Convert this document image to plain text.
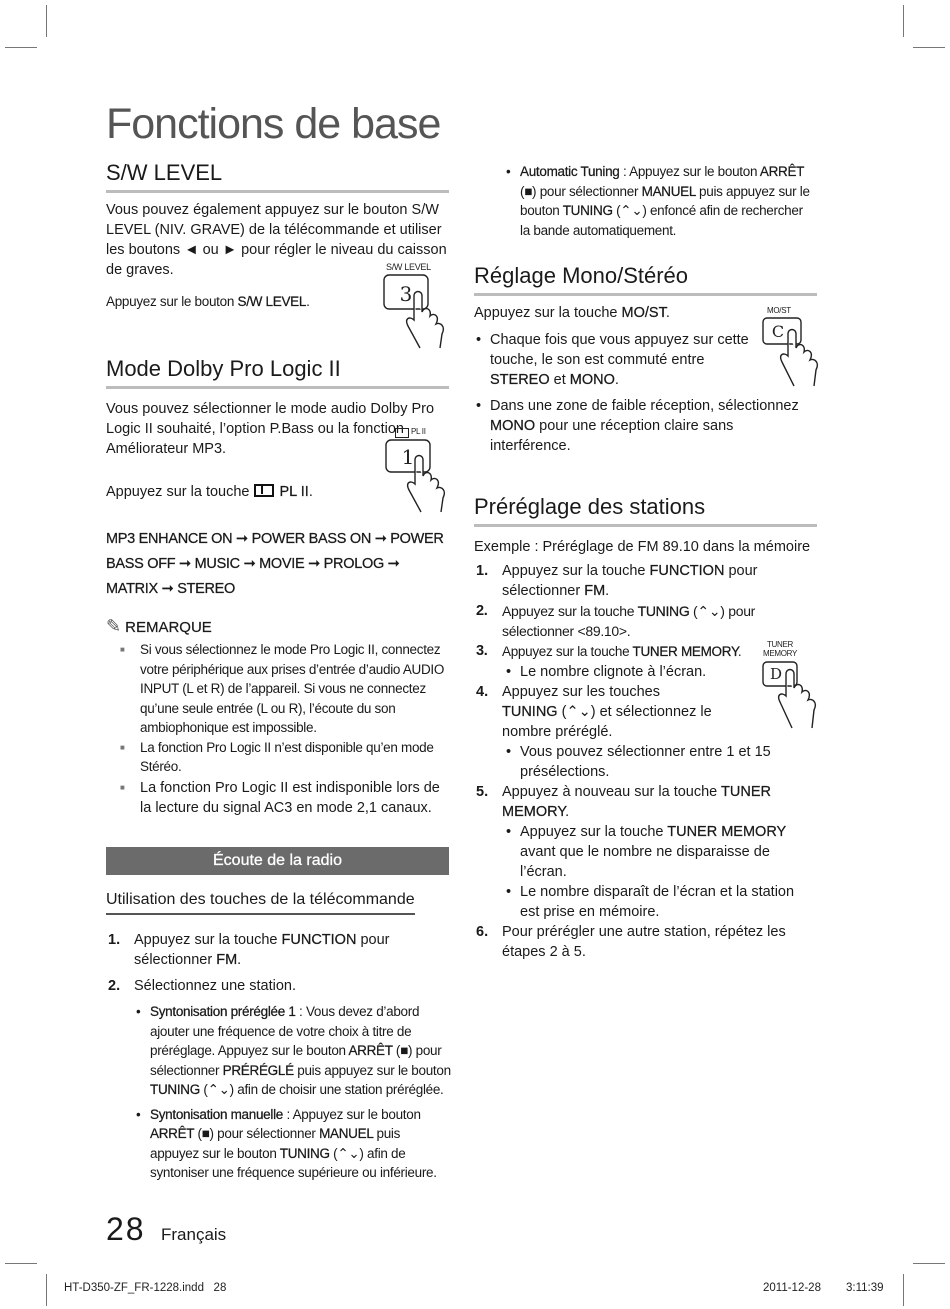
Fonctions de base
S/W LEVEL
Vous pouvez également appuyez sur le bouton S/W LEVEL (NIV. GRAVE) de la télécommande et utiliser les boutons ◄ ou ► pour régler le niveau du caisson de graves.
Appuyez sur le bouton S/W LEVEL.
S/W LEVEL
3
Mode Dolby Pro Logic II
Vous pouvez sélectionner le mode audio Dolby Pro Logic II souhaité, l’option P.Bass ou la fonction Améliorateur MP3.
PL II
1
Appuyez sur la touche
PL II.
MP3 ENHANCE ON ➞ POWER BASS ON ➞ POWER BASS OFF ➞ MUSIC ➞ MOVIE ➞ PROLOG ➞ MATRIX ➞ STEREO
✎ REMARQUE
■ Si vous sélectionnez le mode Pro Logic II, connectez votre périphérique aux prises d’entrée d’audio AUDIO INPUT (L et R) de l’appareil. Si vous ne connectez qu’une seule entrée (L ou R), l’écoute du son ambiophonique est impossible.
■ La fonction Pro Logic II n’est disponible qu’en mode Stéréo.
■ La fonction Pro Logic II est indisponible lors de la lecture du signal AC3 en mode 2,1 canaux.
Écoute de la radio
Utilisation des touches de la télécommande
1. Appuyez sur la touche FUNCTION pour sélectionner FM.
2. Sélectionnez une station.
• Syntonisation préréglée 1 : Vous devez d’abord ajouter une fréquence de votre choix à titre de préréglage. Appuyez sur le bouton ARRÊT (■) pour sélectionner PRÉRÉGLÉ puis appuyez sur le bouton TUNING (⌃⌄) afin de choisir une station préréglée.
• Syntonisation manuelle : Appuyez sur le bouton ARRÊT (■) pour sélectionner MANUEL puis appuyez sur le bouton TUNING (⌃⌄) afin de syntoniser une fréquence supérieure ou inférieure.
• Automatic Tuning : Appuyez sur le bouton ARRÊT (■) pour sélectionner MANUEL puis appuyez sur le bouton TUNING (⌃⌄) enfoncé afin de rechercher la bande automatiquement.
Réglage Mono/Stéréo
Appuyez sur la touche MO/ST.	MO/ST
C
• Chaque fois que vous appuyez sur cette touche, le son est commuté entre STEREO et MONO.
• Dans une zone de faible réception, sélectionnez MONO pour une réception claire sans interférence.
Préréglage des stations
Exemple : Préréglage de FM 89.10 dans la mémoire
TUNER MEMORY
D
1. Appuyez sur la touche FUNCTION pour sélectionner FM.
2. Appuyez sur la touche TUNING (⌃⌄) pour sélectionner <89.10>.
3. Appuyez sur la touche TUNER MEMORY.
• Le nombre clignote à l’écran.
4. Appuyez sur les touches TUNING (⌃⌄) et sélectionnez le nombre préréglé.
• Vous pouvez sélectionner entre 1 et 15 présélections.
5. Appuyez à nouveau sur la touche TUNER MEMORY.
• Appuyez sur la touche TUNER MEMORY avant que le nombre ne disparaisse de l’écran.
• Le nombre disparaît de l’écran et la station est prise en mémoire.
6. Pour prérégler une autre station, répétez les étapes 2 à 5.
28 Français
HT-D350-ZF_FR-1228.indd   28	2011-12-28 3:11:39
